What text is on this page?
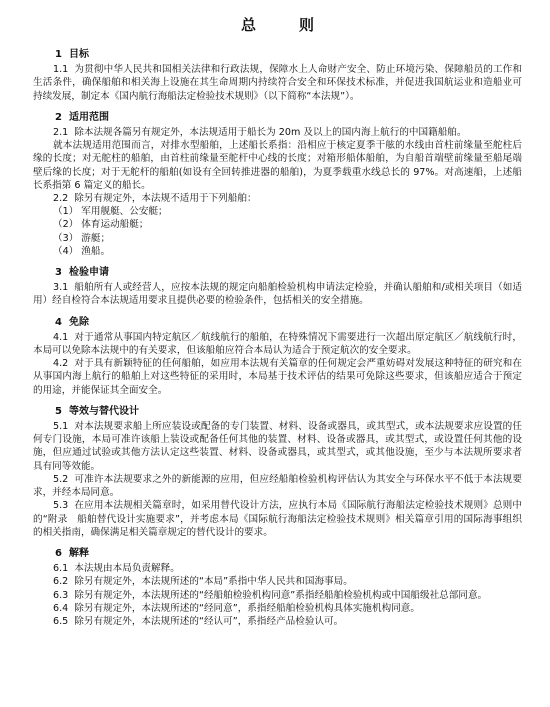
总　则
1 目标

1.1 为贯彻中华人民共和国相关法律和行政法规，保障水上人命财产安全、防止环境污染、保障船员的工作和生活条件，确保船舶和相关海上设施在其生命周期内持续符合安全和环保技术标准，并促进我国航运业和造船业可持续发展，制定本《国内航行海船法定检验技术规则》（以下简称“本法规”）。

2 适用范围

2.1 除本法规各篇另有规定外，本法规适用于船长为 20m 及以上的国内海上航行的中国籍船舶。

就本法规适用范围而言，对排水型船舶，上述船长系指：沿相应于核定夏季干舷的水线由首柱前缘量至舵柱后缘的长度；对无舵柱的船舶，由首柱前缘量至舵杆中心线的长度；对箱形船体船舶，为自船首端壁前缘量至船尾端壁后缘的长度；对于无舵杆的船舶(如设有全回转推进器的船舶)，为夏季载重水线总长的 97%。对高速船，上述船长系指第 6 篇定义的船长。

2.2 除另有规定外，本法规不适用于下列船舶：

（1） 军用舰艇、公安艇；

（2） 体育运动船艇；

（3） 游艇；

（4） 渔船。

3 检验申请

3.1 船舶所有人或经营人，应按本法规的规定向船舶检验机构申请法定检验，并确认船舶和/或相关项目（如适用）经自检符合本法规适用要求且提供必要的检验条件，包括相关的安全措施。

4 免除

4.1 对于通常从事国内特定航区／航线航行的船舶，在特殊情况下需要进行一次超出原定航区／航线航行时，本局可以免除本法规中的有关要求，但该船舶应符合本局认为适合于预定航次的安全要求。

4.2 对于具有新颖特征的任何船舶，如应用本法规有关篇章的任何规定会严重妨碍对发展这种特征的研究和在从事国内海上航行的船舶上对这些特征的采用时，本局基于技术评估的结果可免除这些要求，但该船应适合于预定的用途，并能保证其全面安全。

5 等效与替代设计

5.1 对本法规要求船上所应装设或配备的专门装置、材料、设备或器具，或其型式，或本法规要求应设置的任何专门设施，本局可准许该船上装设或配备任何其他的装置、材料、设备或器具，或其型式，或设置任何其他的设施，但应通过试验或其他方法认定这些装置、材料、设备或器具，或其型式，或其他设施，至少与本法规所要求者具有同等效能。

5.2 可准许本法规要求之外的新能源的应用，但应经船舶检验机构评估认为其安全与环保水平不低于本法规要求，并经本局同意。

5.3 在应用本法规相关篇章时，如采用替代设计方法，应执行本局《国际航行海船法定检验技术规则》总则中的“附录　船舶替代设计实施要求”，并考虑本局《国际航行海船法定检验技术规则》相关篇章引用的国际海事组织的相关指南，确保满足相关篇章规定的替代设计的要求。

6 解释

6.1 本法规由本局负责解释。

6.2 除另有规定外，本法规所述的“本局”系指中华人民共和国海事局。

6.3 除另有规定外，本法规所述的“经船舶检验机构同意”系指经船舶检验机构或中国船级社总部同意。

6.4 除另有规定外，本法规所述的“经同意”，系指经船舶检验机构具体实施机构同意。

6.5 除另有规定外，本法规所述的“经认可”，系指经产品检验认可。
